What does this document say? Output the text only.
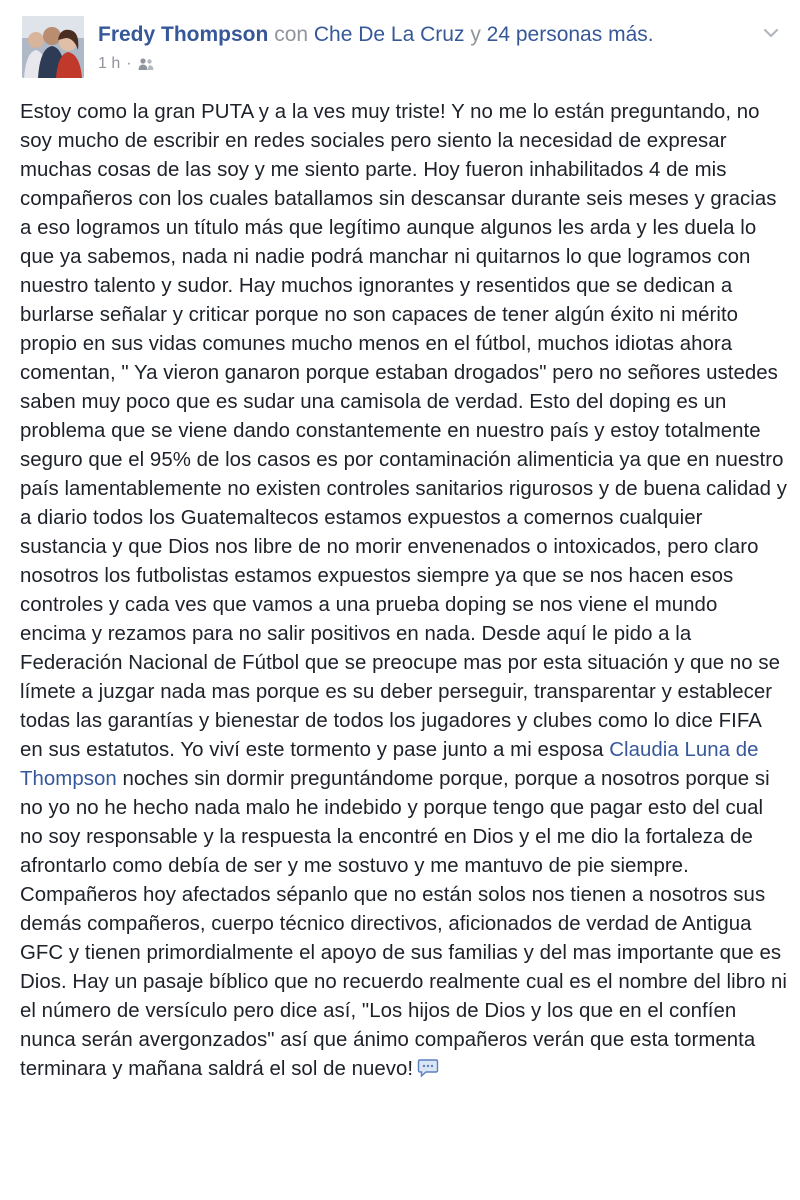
Fredy Thompson con Che De La Cruz y 24 personas más.
1 h ·
Estoy como la gran PUTA y a la ves muy triste! Y no me lo están preguntando, no soy mucho de escribir en redes sociales pero siento la necesidad de expresar muchas cosas de las soy y me siento parte. Hoy fueron inhabilitados 4 de mis compañeros con los cuales batallamos sin descansar durante seis meses y gracias a eso logramos un título más que legítimo aunque algunos les arda y les duela lo que ya sabemos, nada ni nadie podrá manchar ni quitarnos lo que logramos con nuestro talento y sudor. Hay muchos ignorantes y resentidos que se dedican a burlarse señalar y criticar porque no son capaces de tener algún éxito ni mérito propio en sus vidas comunes mucho menos en el fútbol, muchos idiotas ahora comentan, " Ya vieron ganaron porque estaban drogados" pero no señores ustedes saben muy poco que es sudar una camisola de verdad. Esto del doping es un problema que se viene dando constantemente en nuestro país y estoy totalmente seguro que el 95% de los casos es por contaminación alimenticia ya que en nuestro país lamentablemente no existen controles sanitarios rigurosos y de buena calidad y a diario todos los Guatemaltecos estamos expuestos a comernos cualquier sustancia y que Dios nos libre de no morir envenenados o intoxicados, pero claro nosotros los futbolistas estamos expuestos siempre ya que se nos hacen esos controles y cada ves que vamos a una prueba doping se nos viene el mundo encima y rezamos para no salir positivos en nada. Desde aquí le pido a la Federación Nacional de Fútbol que se preocupe mas por esta situación y que no se límete a juzgar nada mas porque es su deber perseguir, transparentar y establecer todas las garantías y bienestar de todos los jugadores y clubes como lo dice FIFA en sus estatutos. Yo viví este tormento y pase junto a mi esposa Claudia Luna de Thompson noches sin dormir preguntándome porque, porque a nosotros porque si no yo no he hecho nada malo he indebido y porque tengo que pagar esto del cual no soy responsable y la respuesta la encontré en Dios y el me dio la fortaleza de afrontarlo como debía de ser y me sostuvo y me mantuvo de pie siempre. Compañeros hoy afectados sépanlo que no están solos nos tienen a nosotros sus demás compañeros, cuerpo técnico directivos, aficionados de verdad de Antigua GFC y tienen primordialmente el apoyo de sus familias y del mas importante que es Dios. Hay un pasaje bíblico que no recuerdo realmente cual es el nombre del libro ni el número de versículo pero dice así, "Los hijos de Dios y los que en el confíen nunca serán avergonzados" así que ánimo compañeros verán que esta tormenta terminara y mañana saldrá el sol de nuevo!
